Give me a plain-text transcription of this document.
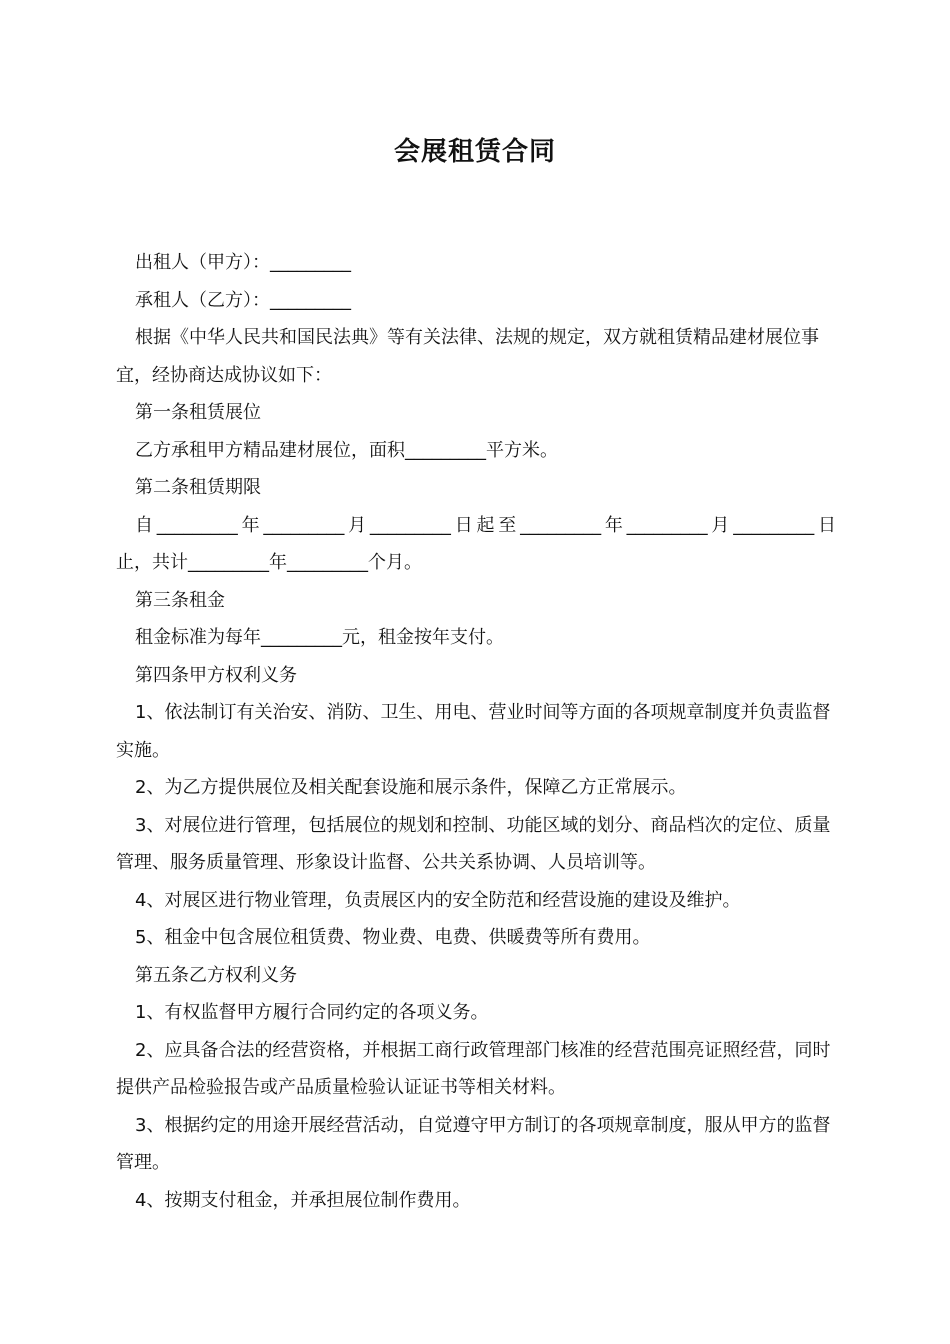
会展租赁合同

出租人（甲方）：_________

承租人（乙方）：_________

根据《中华人民共和国民法典》等有关法律、法规的规定，双方就租赁精品建材展位事宜，经协商达成协议如下：

第一条租赁展位

乙方承租甲方精品建材展位，面积_________平方米。

第二条租赁期限

自_________年_________月_________日起至_________年_________月_________日

止，共计_________年_________个月。

第三条租金

租金标准为每年_________元，租金按年支付。

第四条甲方权利义务

1、依法制订有关治安、消防、卫生、用电、营业时间等方面的各项规章制度并负责监督实施。

2、为乙方提供展位及相关配套设施和展示条件，保障乙方正常展示。

3、对展位进行管理，包括展位的规划和控制、功能区域的划分、商品档次的定位、质量管理、服务质量管理、形象设计监督、公共关系协调、人员培训等。

4、对展区进行物业管理，负责展区内的安全防范和经营设施的建设及维护。

5、租金中包含展位租赁费、物业费、电费、供暖费等所有费用。

第五条乙方权利义务

1、有权监督甲方履行合同约定的各项义务。

2、应具备合法的经营资格，并根据工商行政管理部门核准的经营范围亮证照经营，同时提供产品检验报告或产品质量检验认证证书等相关材料。

3、根据约定的用途开展经营活动，自觉遵守甲方制订的各项规章制度，服从甲方的监督管理。

4、按期支付租金，并承担展位制作费用。
